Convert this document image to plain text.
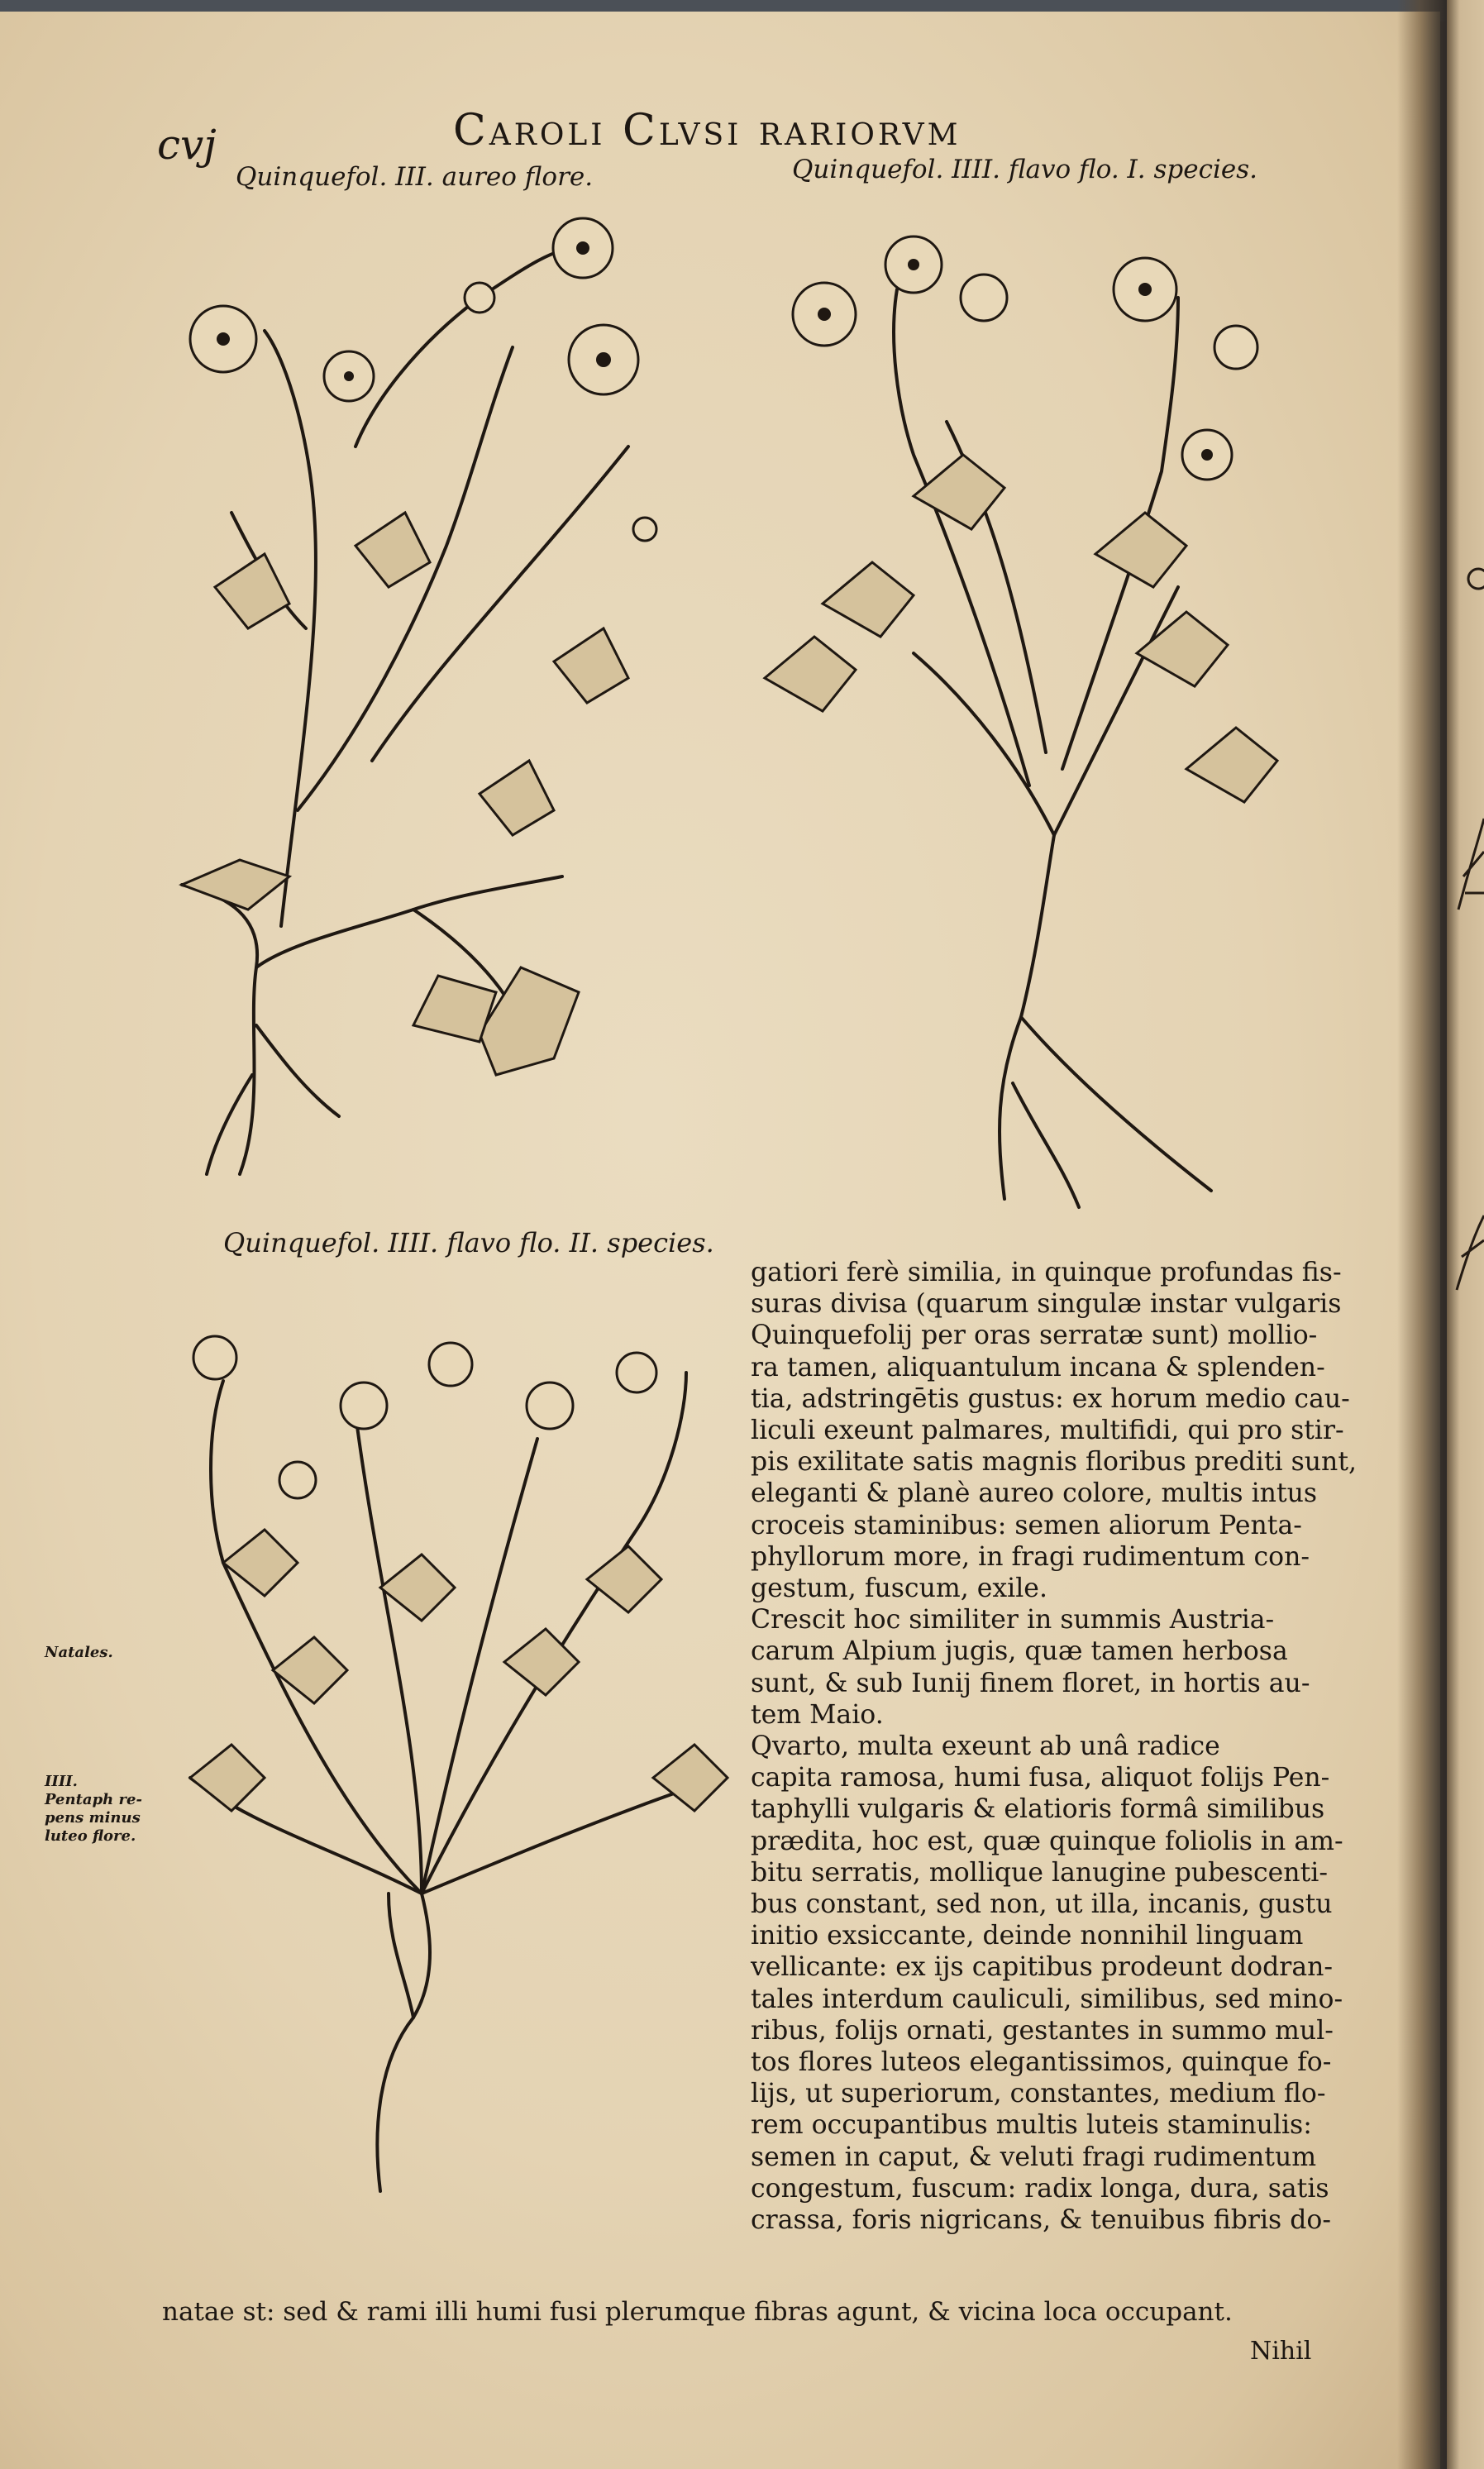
cvj	Caroli Clvsi rariorvm
Quinquefol. III. aureo flore.	Quinquefol. IIII. flavo flo. I. species.
Quinquefol. IIII. flavo flo. II. species.
Natales.
IIII.
Pentaph re-
pens minus
luteo flore.
gatiori ferè similia, in quinque profundas fis-
suras divisa (quarum singulæ instar vulgaris
Quinquefolij per oras serratæ sunt) mollio-
ra tamen, aliquantulum incana & splenden-
tia, adstringētis gustus: ex horum medio cau-
liculi exeunt palmares, multifidi, qui pro stir-
pis exilitate satis magnis floribus prediti sunt,
eleganti & planè aureo colore, multis intus
croceis staminibus: semen aliorum Penta-
phyllorum more, in fragi rudimentum con-
gestum, fuscum, exile.
Crescit hoc similiter in summis Austria-
carum Alpium jugis, quæ tamen herbosa
sunt, & sub Iunij finem floret, in hortis au-
tem Maio.
Qvarto, multa exeunt ab unâ radice
capita ramosa, humi fusa, aliquot folijs Pen-
taphylli vulgaris & elatioris formâ similibus
prædita, hoc est, quæ quinque foliolis in am-
bitu serratis, mollique lanugine pubescenti-
bus constant, sed non, ut illa, incanis, gustu
initio exsiccante, deinde nonnihil linguam
vellicante: ex ijs capitibus prodeunt dodran-
tales interdum cauliculi, similibus, sed mino-
ribus, folijs ornati, gestantes in summo mul-
tos flores luteos elegantissimos, quinque fo-
lijs, ut superiorum, constantes, medium flo-
rem occupantibus multis luteis staminulis:
semen in caput, & veluti fragi rudimentum
congestum, fuscum: radix longa, dura, satis
crassa, foris nigricans, & tenuibus fibris do-
natae st: sed & rami illi humi fusi plerumque fibras agunt, & vicina loca occupant.
Nihil
